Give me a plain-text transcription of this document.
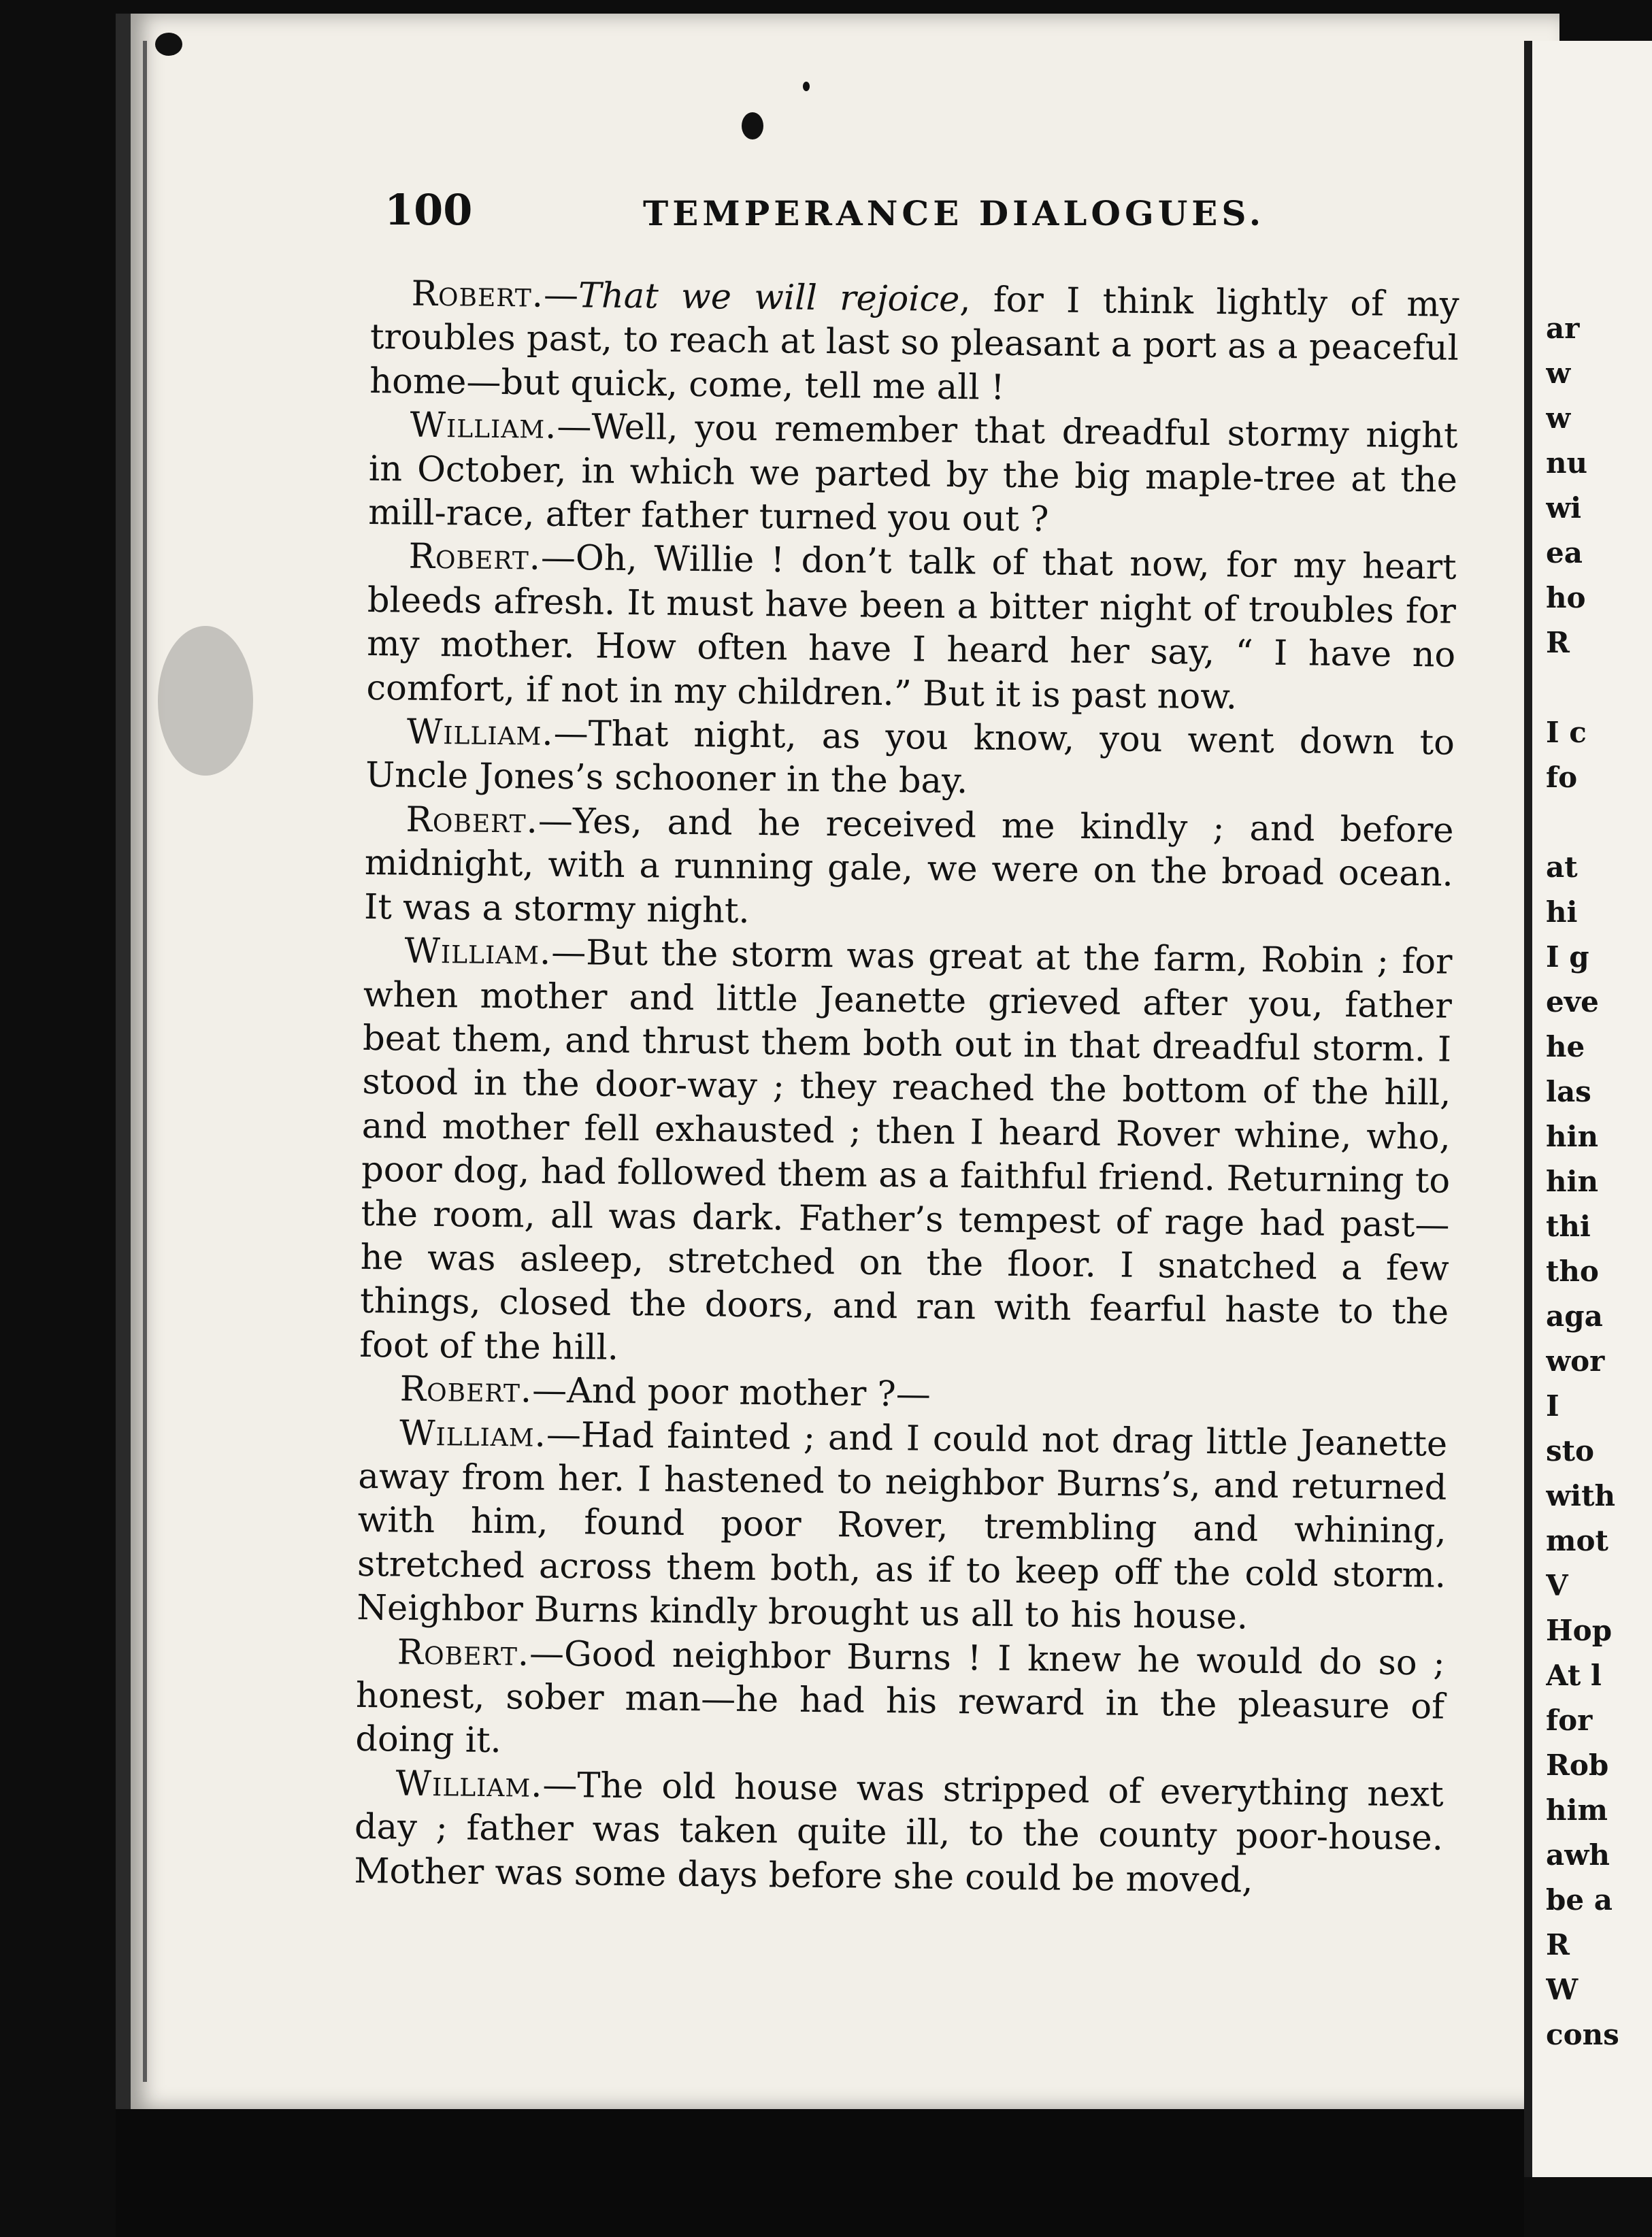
100	TEMPERANCE DIALOGUES.

Robert.—That we will rejoice, for I think lightly of my troubles past, to reach at last so pleasant a port as a peaceful home—but quick, come, tell me all !

William.—Well, you remember that dreadful stormy night in October, in which we parted by the big maple-tree at the mill-race, after father turned you out ?

Robert.—Oh, Willie ! don’t talk of that now, for my heart bleeds afresh. It must have been a bitter night of troubles for my mother. How often have I heard her say, “ I have no comfort, if not in my children.” But it is past now.

William.—That night, as you know, you went down to Uncle Jones’s schooner in the bay.

Robert.—Yes, and he received me kindly ; and before midnight, with a running gale, we were on the broad ocean. It was a stormy night.

William.—But the storm was great at the farm, Robin ; for when mother and little Jeanette grieved after you, father beat them, and thrust them both out in that dreadful storm. I stood in the door-way ; they reached the bottom of the hill, and mother fell exhausted ; then I heard Rover whine, who, poor dog, had followed them as a faithful friend. Returning to the room, all was dark. Father’s tempest of rage had past—he was asleep, stretched on the floor. I snatched a few things, closed the doors, and ran with fearful haste to the foot of the hill.

Robert.—And poor mother ?—

William.—Had fainted ; and I could not drag little Jeanette away from her. I hastened to neighbor Burns’s, and returned with him, found poor Rover, trembling and whining, stretched across them both, as if to keep off the cold storm. Neighbor Burns kindly brought us all to his house.

Robert.—Good neighbor Burns ! I knew he would do so ; honest, sober man—he had his reward in the pleasure of doing it.

William.—The old house was stripped of everything next day ; father was taken quite ill, to the county poor-house. Mother was some days before she could be moved,

ar
w
w
nu
wi
ea
ho
R
I c
fo
at
hi
I g
eve
he
las
hin
hin
thi
tho
aga
wor
I
sto
with
mot
V
Hop
At l
for
Rob
him
awh
be a
R
W
cons
